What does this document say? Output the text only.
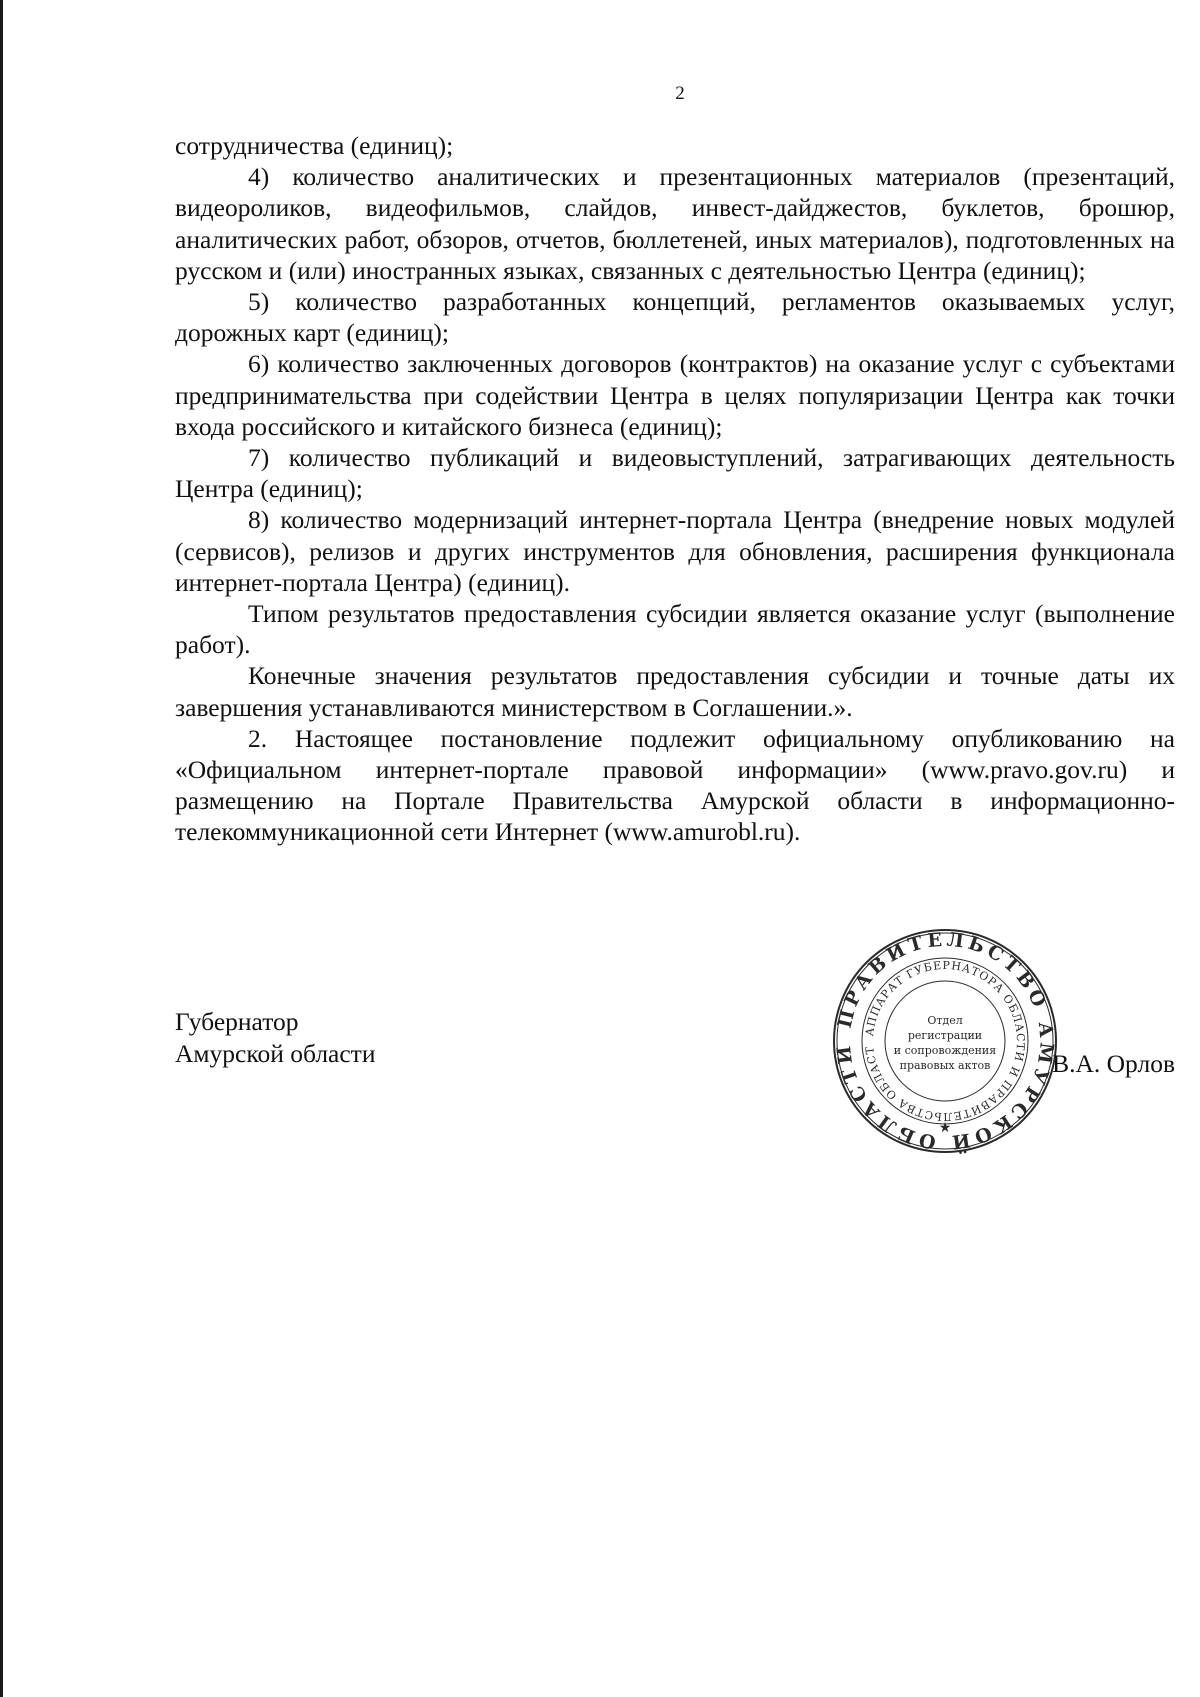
2

сотрудничества (единиц);

4) количество аналитических и презентационных материалов (презентаций, видеороликов, видеофильмов, слайдов, инвест-дайджестов, буклетов, брошюр, аналитических работ, обзоров, отчетов, бюллетеней, иных материалов), подготовленных на русском и (или) иностранных языках, связанных с деятельностью Центра (единиц);

5) количество разработанных концепций, регламентов оказываемых услуг, дорожных карт (единиц);

6) количество заключенных договоров (контрактов) на оказание услуг с субъектами предпринимательства при содействии Центра в целях популяризации Центра как точки входа российского и китайского бизнеса (единиц);

7) количество публикаций и видеовыступлений, затрагивающих деятельность Центра (единиц);

8) количество модернизаций интернет-портала Центра (внедрение новых модулей (сервисов), релизов и других инструментов для обновления, расширения функционала интернет-портала Центра) (единиц).

Типом результатов предоставления субсидии является оказание услуг (выполнение работ).

Конечные значения результатов предоставления субсидии и точные даты их завершения устанавливаются министерством в Соглашении.».

2. Настоящее постановление подлежит официальному опубликованию на «Официальном интернет-портале правовой информации» (www.pravo.gov.ru) и размещению на Портале Правительства Амурской области в информационно-телекоммуникационной сети Интернет (www.amurobl.ru).

Губернатор
Амурской области
ПРАВИТЕЛЬСТВО АМУРСКОЙ ОБЛАСТИ
АППАРАТ ГУБЕРНАТОРА ОБЛАСТИ И ПРАВИТЕЛЬСТВА ОБЛАСТ
Отдел
регистрации
и сопровождения
правовых актов
★
В.А. Орлов
